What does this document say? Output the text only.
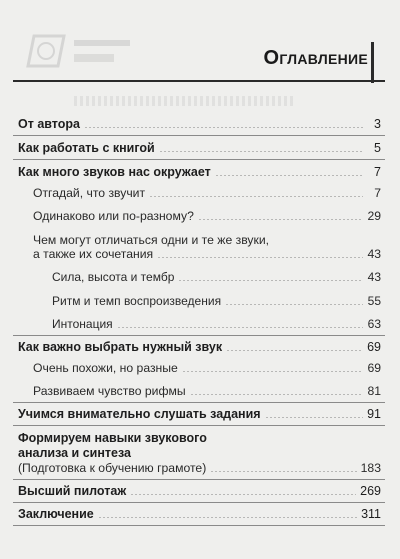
Оглавление
От автора	3
Как работать с книгой	5
Как много звуков нас окружает	7
Отгадай, что звучит	7
Одинаково или по-разному?	29
Чем могут отличаться одни и те же звуки,
а также их сочетания	43
Сила, высота и тембр	43
Ритм и темп воспроизведения	55
Интонация	63
Как важно выбрать нужный звук	69
Очень похожи, но разные	69
Развиваем чувство рифмы	81
Учимся внимательно слушать задания	91
Формируем навыки звукового
анализа и синтеза
(Подготовка к обучению грамоте)	183
Высший пилотаж	269
Заключение	311
